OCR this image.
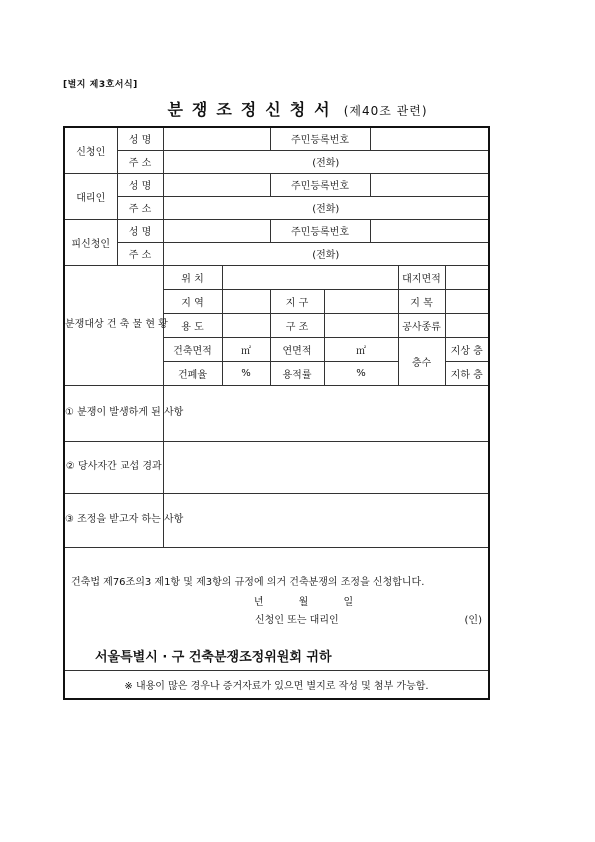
[별지 제3호서식]
분쟁조정신청서 (제40조 관련)
신청인	성 명			주민등록번호				
	주 소	(전화)						
대리인	성 명			주민등록번호				
	주 소	(전화)						
피신청인	성 명			주민등록번호				
	주 소	(전화)						
분쟁대상 건 축 물 현 황		위 치					대지면적	
		지 역		지 구			지 목	
		용 도		구 조			공사종류	
		건축면적	㎡	연면적	㎡		층수	지상 층
		건폐율	%	용적률	%			지하 층
① 분쟁이 발생하게 된 사항								
② 당사자간 교섭 경과								
③ 조정을 받고자 하는 사항								

건축법 제76조의3 제1항 및 제3항의 규정에 의거 건축분쟁의 조정을 신청합니다.
년 월 일
신청인 또는 대리인 (인)
서울특별시 · 구 건축분쟁조정위원회 귀하								

※ 내용이 많은 경우나 증거자료가 있으면 별지로 작성 및 첨부 가능함.								
